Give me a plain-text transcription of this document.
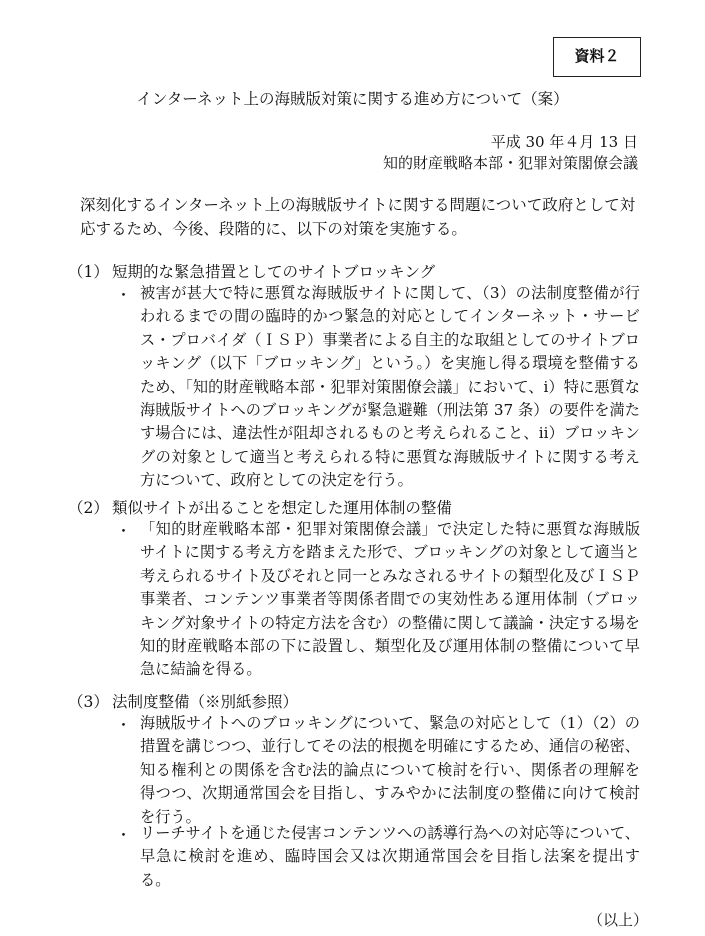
資料２
インターネット上の海賊版対策に関する進め方について（案）
平成 30 年４月 13 日
知的財産戦略本部・犯罪対策閣僚会議
深刻化するインターネット上の海賊版サイトに関する問題について政府として対応するため、今後、段階的に、以下の対策を実施する。
（1） 短期的な緊急措置としてのサイトブロッキング
・ 被害が甚大で特に悪質な海賊版サイトに関して、（3）の法制度整備が行われるまでの間の臨時的かつ緊急的対応としてインターネット・サービス・プロバイダ（ＩＳＰ）事業者による自主的な取組としてのサイトブロッキング（以下「ブロッキング」という。）を実施し得る環境を整備するため、「知的財産戦略本部・犯罪対策閣僚会議」において、ⅰ）特に悪質な海賊版サイトへのブロッキングが緊急避難（刑法第 37 条）の要件を満たす場合には、違法性が阻却されるものと考えられること、ⅱ）ブロッキングの対象として適当と考えられる特に悪質な海賊版サイトに関する考え方について、政府としての決定を行う。
（2） 類似サイトが出ることを想定した運用体制の整備
・ 「知的財産戦略本部・犯罪対策閣僚会議」で決定した特に悪質な海賊版サイトに関する考え方を踏まえた形で、ブロッキングの対象として適当と考えられるサイト及びそれと同一とみなされるサイトの類型化及びＩＳＰ事業者、コンテンツ事業者等関係者間での実効性ある運用体制（ブロッキング対象サイトの特定方法を含む）の整備に関して議論・決定する場を知的財産戦略本部の下に設置し、類型化及び運用体制の整備について早急に結論を得る。
（3） 法制度整備（※別紙参照）
・ 海賊版サイトへのブロッキングについて、緊急の対応として（1）（2）の措置を講じつつ、並行してその法的根拠を明確にするため、通信の秘密、知る権利との関係を含む法的論点について検討を行い、関係者の理解を得つつ、次期通常国会を目指し、すみやかに法制度の整備に向けて検討を行う。
・ リーチサイトを通じた侵害コンテンツへの誘導行為への対応等について、早急に検討を進め、臨時国会又は次期通常国会を目指し法案を提出する。
（以上）
